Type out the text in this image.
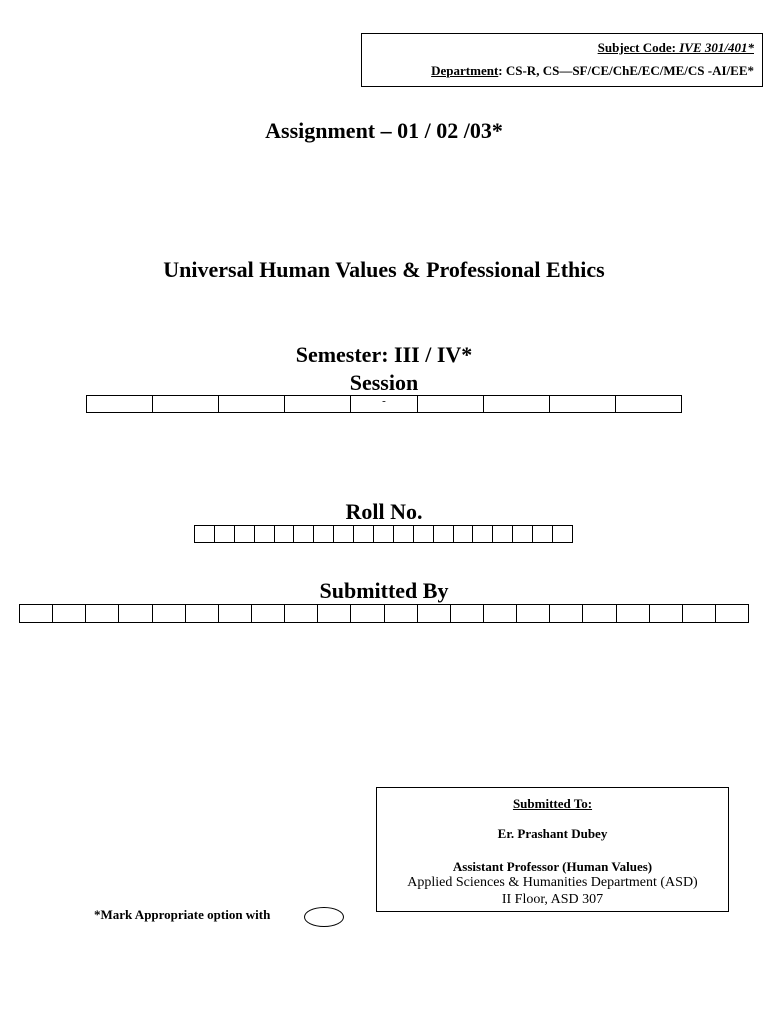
Subject Code: IVE 301/401*
Department: CS-R, CS—SF/CE/ChE/EC/ME/CS -AI/EE*
Assignment – 01 / 02 /03*
Universal Human Values & Professional Ethics
Semester: III / IV*
Session
-
Roll No.
Submitted By
Submitted To:
Er. Prashant Dubey
Assistant Professor (Human Values)
Applied Sciences & Humanities Department (ASD)
II Floor, ASD 307
*Mark Appropriate option with
